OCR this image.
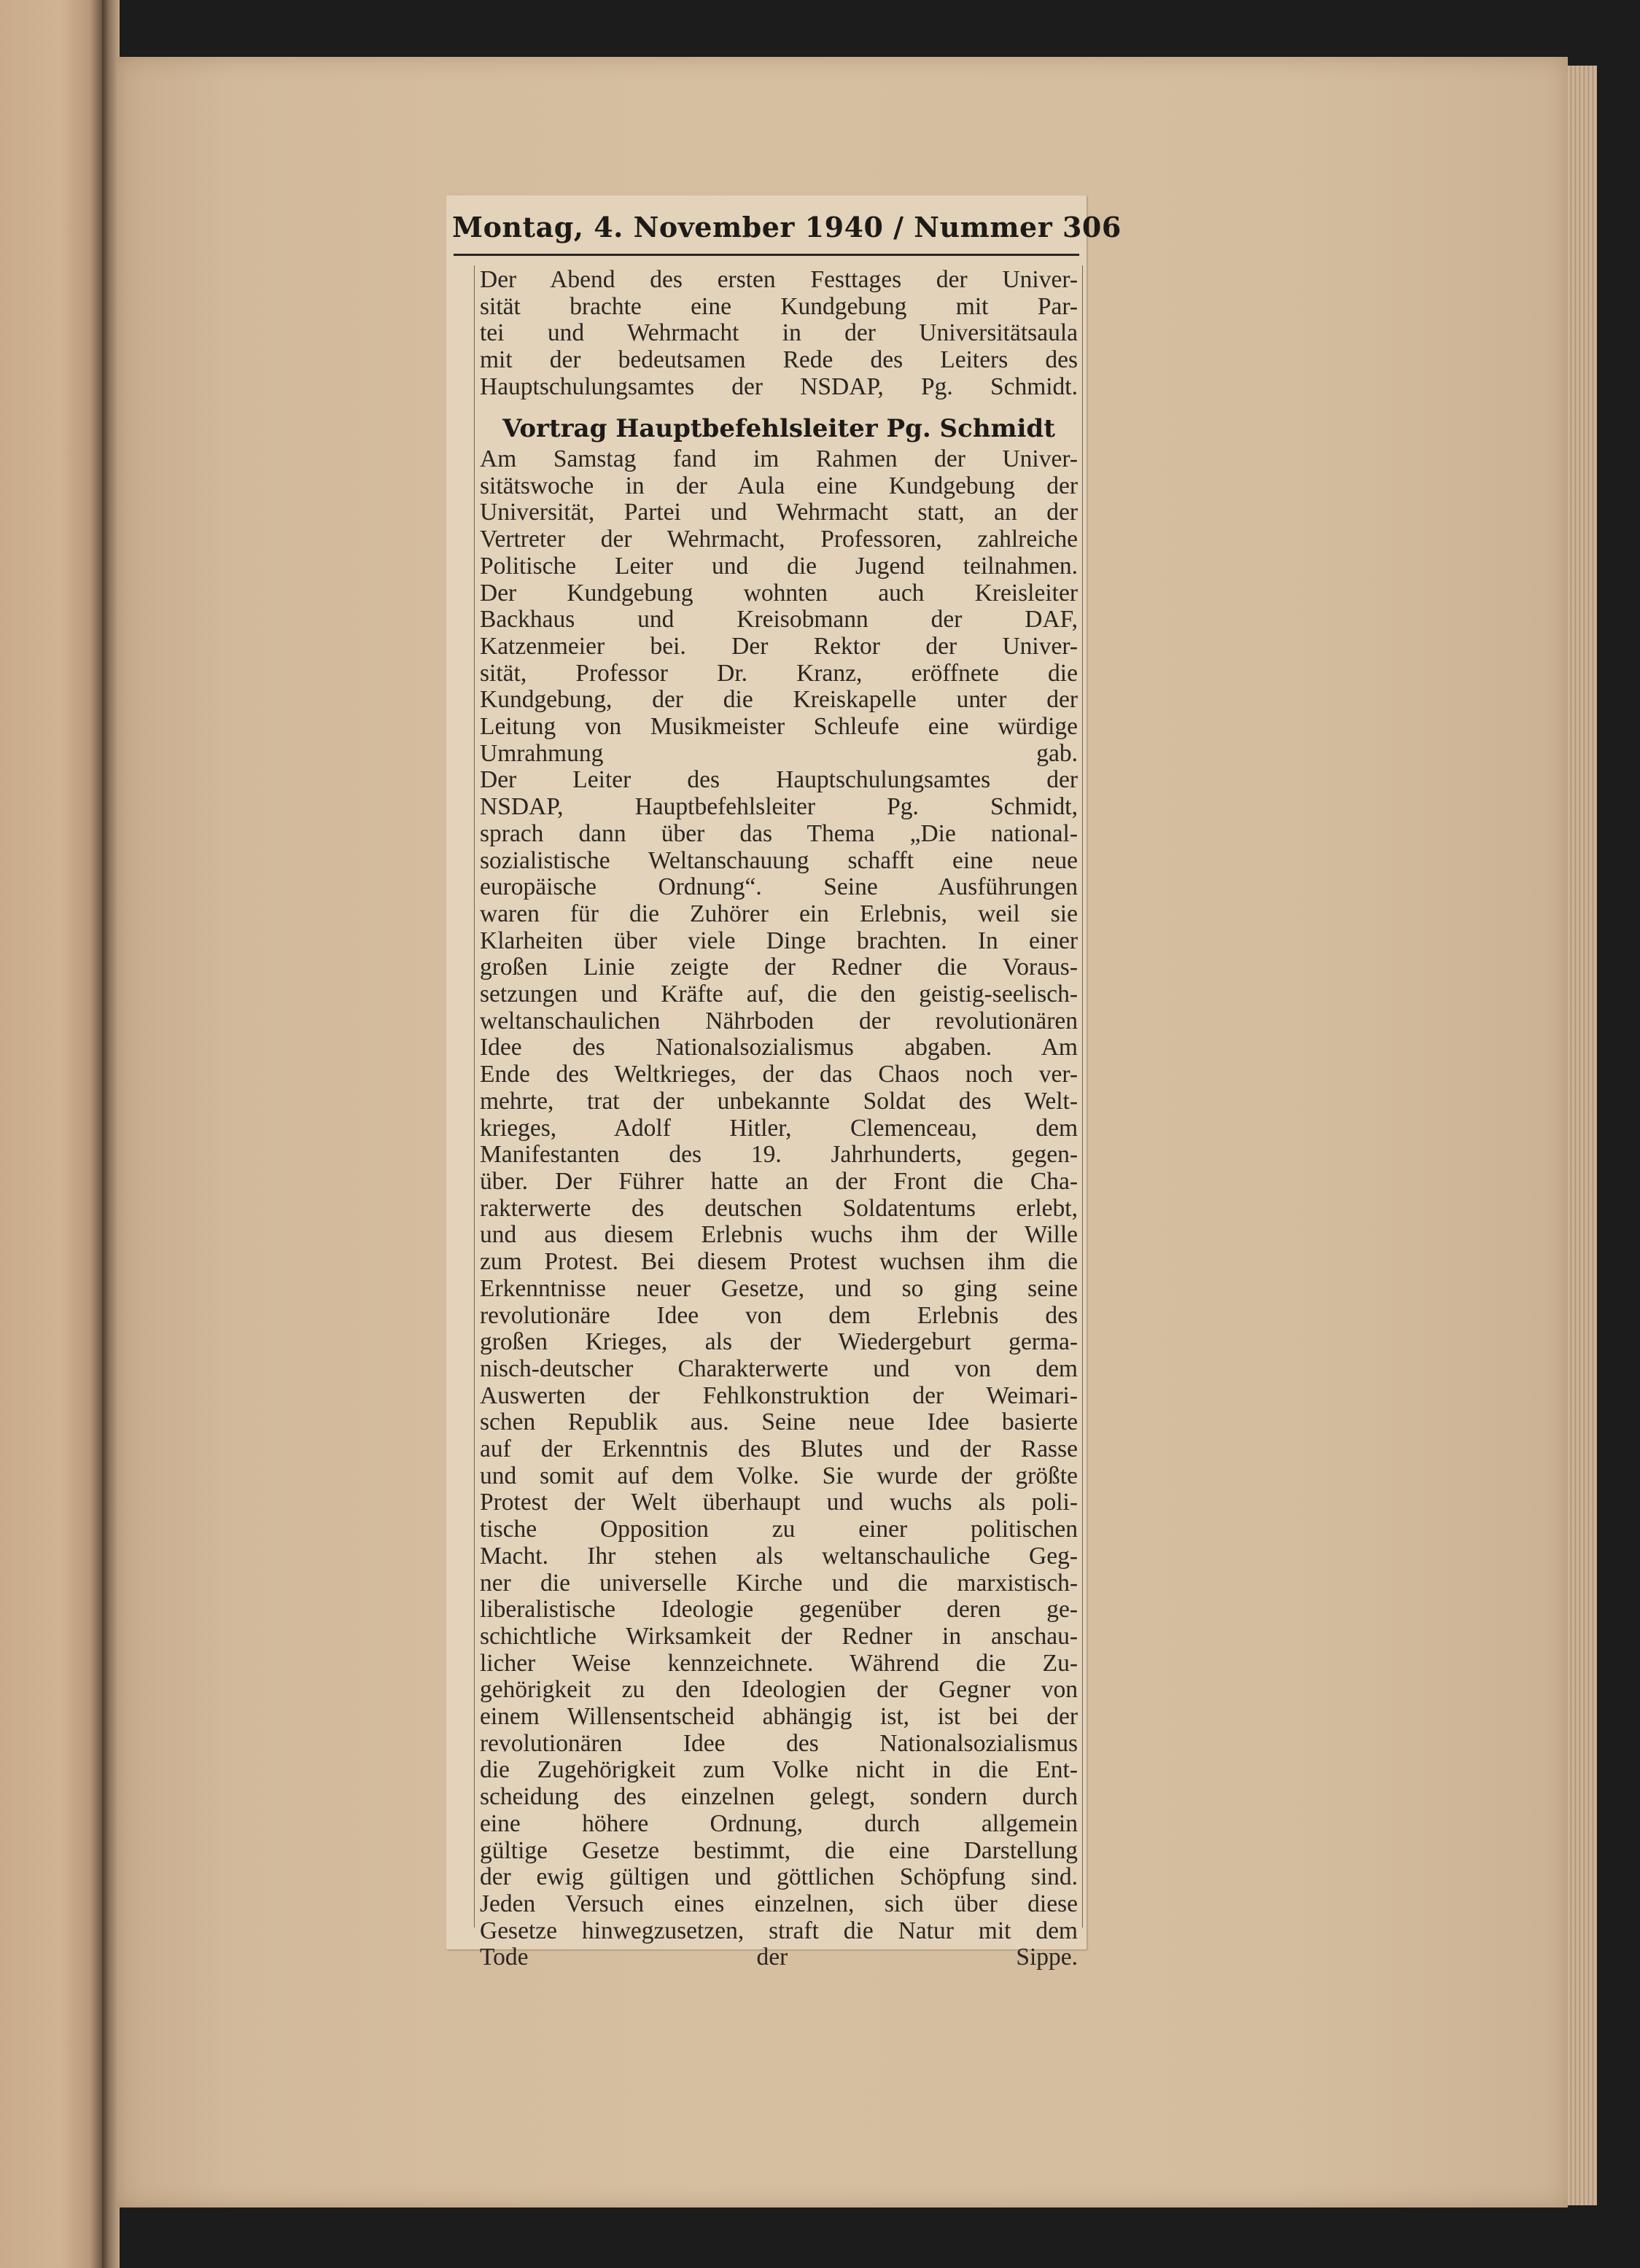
Montag, 4. November 1940 / Nummer 306
Der Abend des ersten Festtages der Univer-
sität brachte eine Kundgebung mit Par-
tei und Wehrmacht in der Universitätsaula
mit der bedeutsamen Rede des Leiters des
Hauptschulungsamtes der NSDAP, Pg. Schmidt.
Vortrag Hauptbefehlsleiter Pg. Schmidt
Am Samstag fand im Rahmen der Univer-
sitätswoche in der Aula eine Kundgebung der
Universität, Partei und Wehrmacht statt, an der
Vertreter der Wehrmacht, Professoren, zahlreiche
Politische Leiter und die Jugend teilnahmen.
Der Kundgebung wohnten auch Kreisleiter
Backhaus und Kreisobmann der DAF,
Katzenmeier bei. Der Rektor der Univer-
sität, Professor Dr. Kranz, eröffnete die
Kundgebung, der die Kreiskapelle unter der
Leitung von Musikmeister Schleufe eine würdige
Umrahmung gab.
Der Leiter des Hauptschulungsamtes der
NSDAP, Hauptbefehlsleiter Pg. Schmidt,
sprach dann über das Thema „Die national-
sozialistische Weltanschauung schafft eine neue
europäische Ordnung“. Seine Ausführungen
waren für die Zuhörer ein Erlebnis, weil sie
Klarheiten über viele Dinge brachten. In einer
großen Linie zeigte der Redner die Voraus-
setzungen und Kräfte auf, die den geistig-seelisch-
weltanschaulichen Nährboden der revolutionären
Idee des Nationalsozialismus abgaben. Am
Ende des Weltkrieges, der das Chaos noch ver-
mehrte, trat der unbekannte Soldat des Welt-
krieges, Adolf Hitler, Clemenceau, dem
Manifestanten des 19. Jahrhunderts, gegen-
über. Der Führer hatte an der Front die Cha-
rakterwerte des deutschen Soldatentums erlebt,
und aus diesem Erlebnis wuchs ihm der Wille
zum Protest. Bei diesem Protest wuchsen ihm die
Erkenntnisse neuer Gesetze, und so ging seine
revolutionäre Idee von dem Erlebnis des
großen Krieges, als der Wiedergeburt germa-
nisch-deutscher Charakterwerte und von dem
Auswerten der Fehlkonstruktion der Weimari-
schen Republik aus. Seine neue Idee basierte
auf der Erkenntnis des Blutes und der Rasse
und somit auf dem Volke. Sie wurde der größte
Protest der Welt überhaupt und wuchs als poli-
tische Opposition zu einer politischen
Macht. Ihr stehen als weltanschauliche Geg-
ner die universelle Kirche und die marxistisch-
liberalistische Ideologie gegenüber deren ge-
schichtliche Wirksamkeit der Redner in anschau-
licher Weise kennzeichnete. Während die Zu-
gehörigkeit zu den Ideologien der Gegner von
einem Willensentscheid abhängig ist, ist bei der
revolutionären Idee des Nationalsozialismus
die Zugehörigkeit zum Volke nicht in die Ent-
scheidung des einzelnen gelegt, sondern durch
eine höhere Ordnung, durch allgemein
gültige Gesetze bestimmt, die eine Darstellung
der ewig gültigen und göttlichen Schöpfung sind.
Jeden Versuch eines einzelnen, sich über diese
Gesetze hinwegzusetzen, straft die Natur mit dem
Tode der Sippe.
